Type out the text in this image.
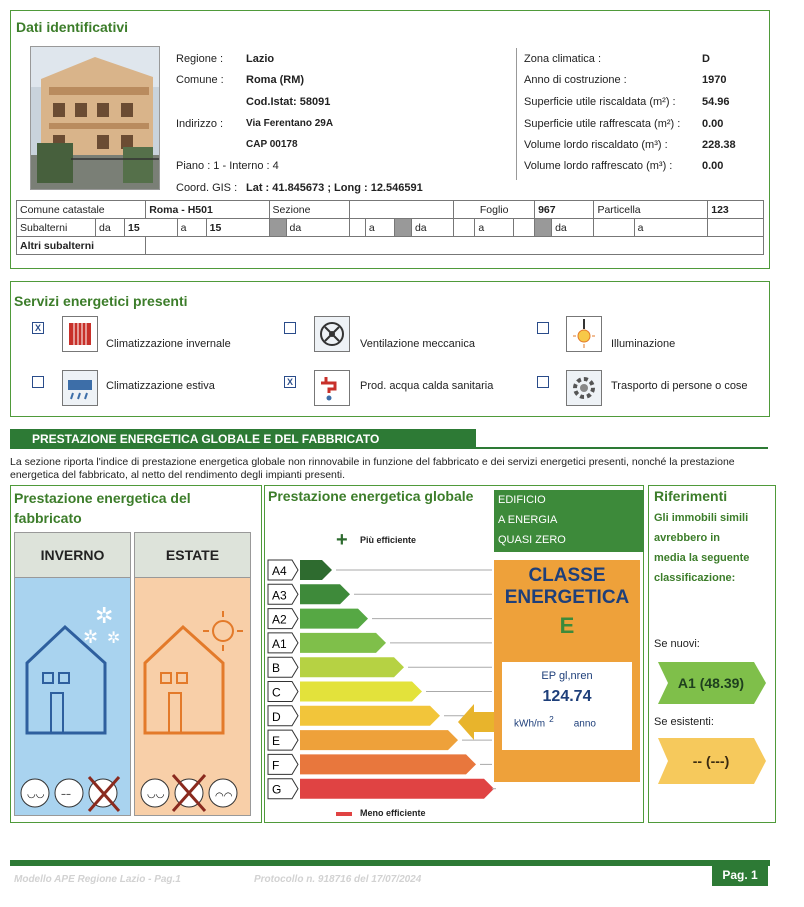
Dati identificativi
Regione : Lazio
Comune : Roma (RM)
Cod.Istat: 58091
Indirizzo : Via Ferentano 29A
CAP 00178
Piano : 1 - Interno : 4
Coord. GIS : Lat : 41.845673 ; Long : 12.546591
Zona climatica :	D
Anno di costruzione :	1970
Superficie utile riscaldata (m²) : 54.96
Superficie utile raffrescata (m²) : 0.00
Volume lordo riscaldato (m³) :	228.38
Volume lordo raffrescato (m³) :	0.00
Comune catastale			Roma - H501			Sezione						Foglio			967		Particella		123
Subalterni	da	15		a	15		da		a		da		a			da		a	
Altri subalterni																			
Servizi energetici presenti
X
Climatizzazione invernale	Ventilazione meccanica	Illuminazione
Climatizzazione estiva	X	Prod. acqua calda sanitaria	Trasporto di persone o cose
PRESTAZIONE ENERGETICA GLOBALE E DEL FABBRICATO
La sezione riporta l'indice di prestazione energetica globale non rinnovabile in funzione del fabbricato e dei servizi energetici presenti, nonché la prestazione energetica del fabbricato, al netto del rendimento degli impianti presenti.
Prestazione energetica del fabbricato
INVERNO
✲
✲ ✲
◡◡ ––
ESTATE
◡◡	◠◠
Prestazione energetica globale EDIFICIO
A ENERGIA
QUASI ZERO
+ Più efficiente
A4
A3
A2
A1
B
C
D
E
F
G
Meno efficiente
CLASSE
ENERGETICA
E
EP gl,nren
124.74
kWh/m $^2$ anno
Riferimenti
Gli immobili simili avrebbero in media la seguente classificazione:
Se nuovi:
A1 (48.39)
Se esistenti:
-- (---)
Modello APE Regione Lazio - Pag.1	Protocollo n. 918716 del 17/07/2024	Pag. 1
